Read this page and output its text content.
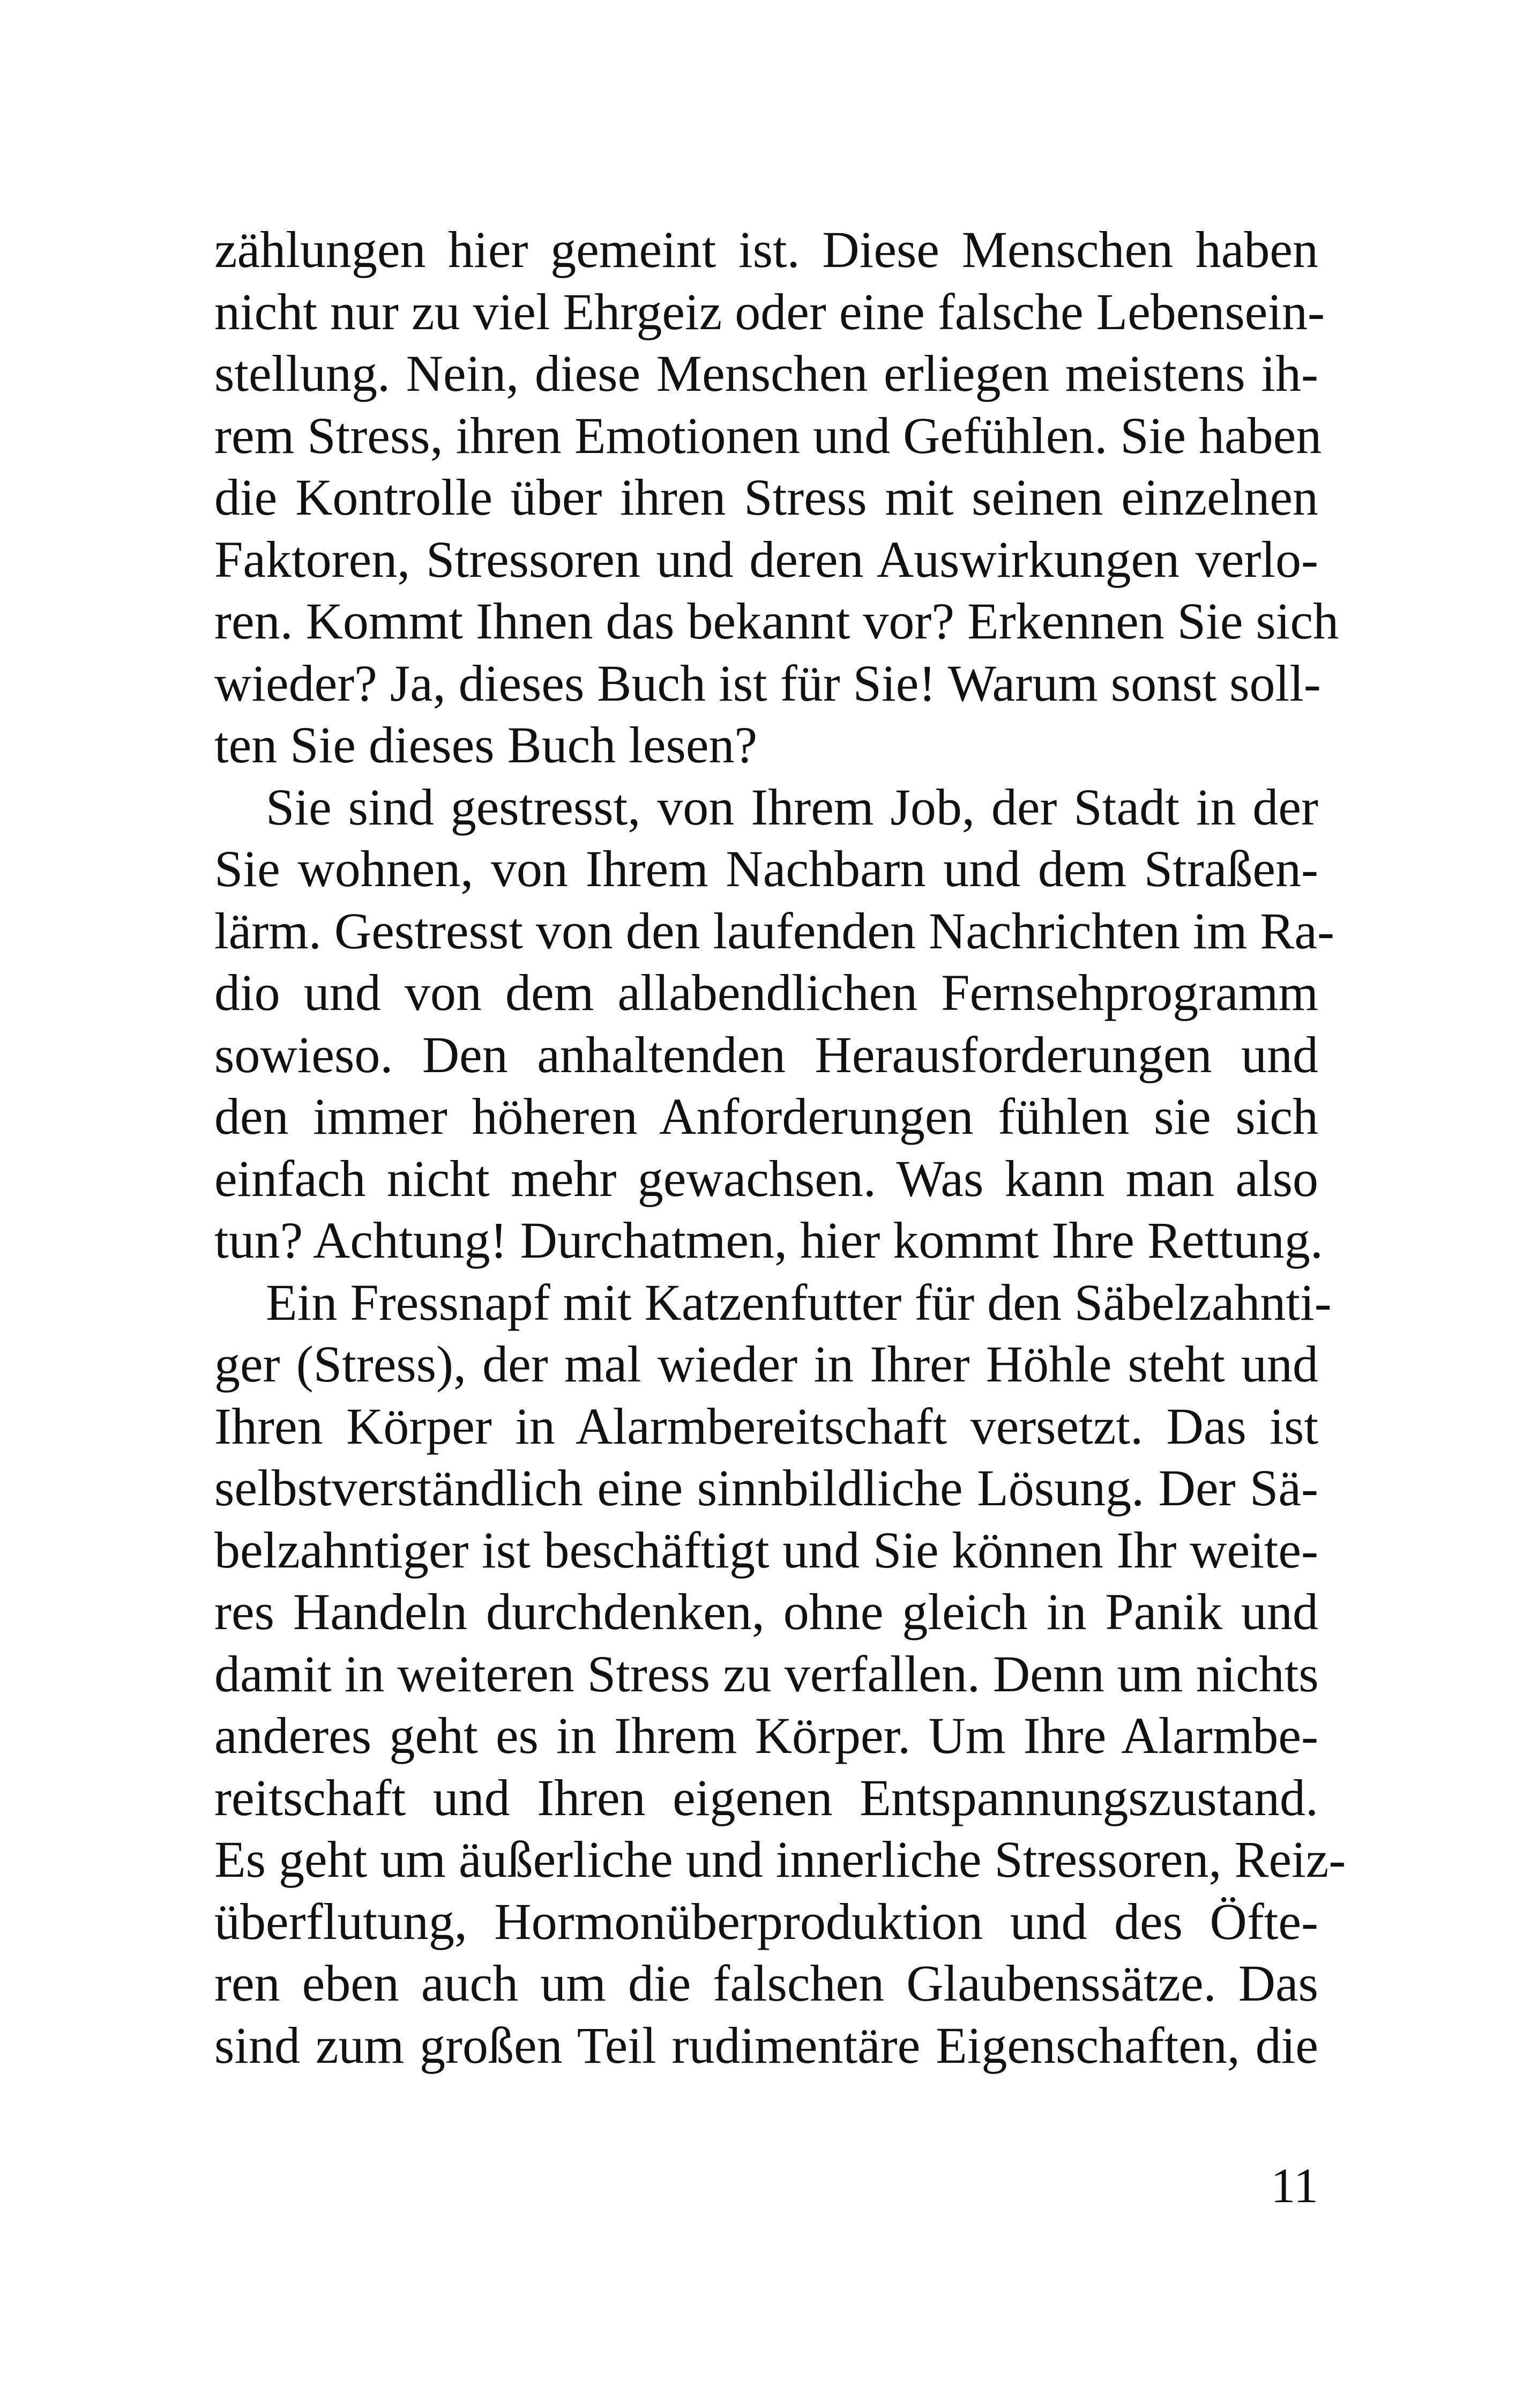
zählungen hier gemeint ist. Diese Menschen haben
nicht nur zu viel Ehrgeiz oder eine falsche Lebensein-
stellung. Nein, diese Menschen erliegen meistens ih-
rem Stress, ihren Emotionen und Gefühlen. Sie haben
die Kontrolle über ihren Stress mit seinen einzelnen
Faktoren, Stressoren und deren Auswirkungen verlo-
ren. Kommt Ihnen das bekannt vor? Erkennen Sie sich
wieder? Ja, dieses Buch ist für Sie! Warum sonst soll-
ten Sie dieses Buch lesen?
Sie sind gestresst, von Ihrem Job, der Stadt in der
Sie wohnen, von Ihrem Nachbarn und dem Straßen-
lärm. Gestresst von den laufenden Nachrichten im Ra-
dio und von dem allabendlichen Fernsehprogramm
sowieso. Den anhaltenden Herausforderungen und
den immer höheren Anforderungen fühlen sie sich
einfach nicht mehr gewachsen. Was kann man also
tun? Achtung! Durchatmen, hier kommt Ihre Rettung.
Ein Fressnapf mit Katzenfutter für den Säbelzahnti-
ger (Stress), der mal wieder in Ihrer Höhle steht und
Ihren Körper in Alarmbereitschaft versetzt. Das ist
selbstverständlich eine sinnbildliche Lösung. Der Sä-
belzahntiger ist beschäftigt und Sie können Ihr weite-
res Handeln durchdenken, ohne gleich in Panik und
damit in weiteren Stress zu verfallen. Denn um nichts
anderes geht es in Ihrem Körper. Um Ihre Alarmbe-
reitschaft und Ihren eigenen Entspannungszustand.
Es geht um äußerliche und innerliche Stressoren, Reiz-
überflutung, Hormonüberproduktion und des Öfte-
ren eben auch um die falschen Glaubenssätze. Das
sind zum großen Teil rudimentäre Eigenschaften, die
11
